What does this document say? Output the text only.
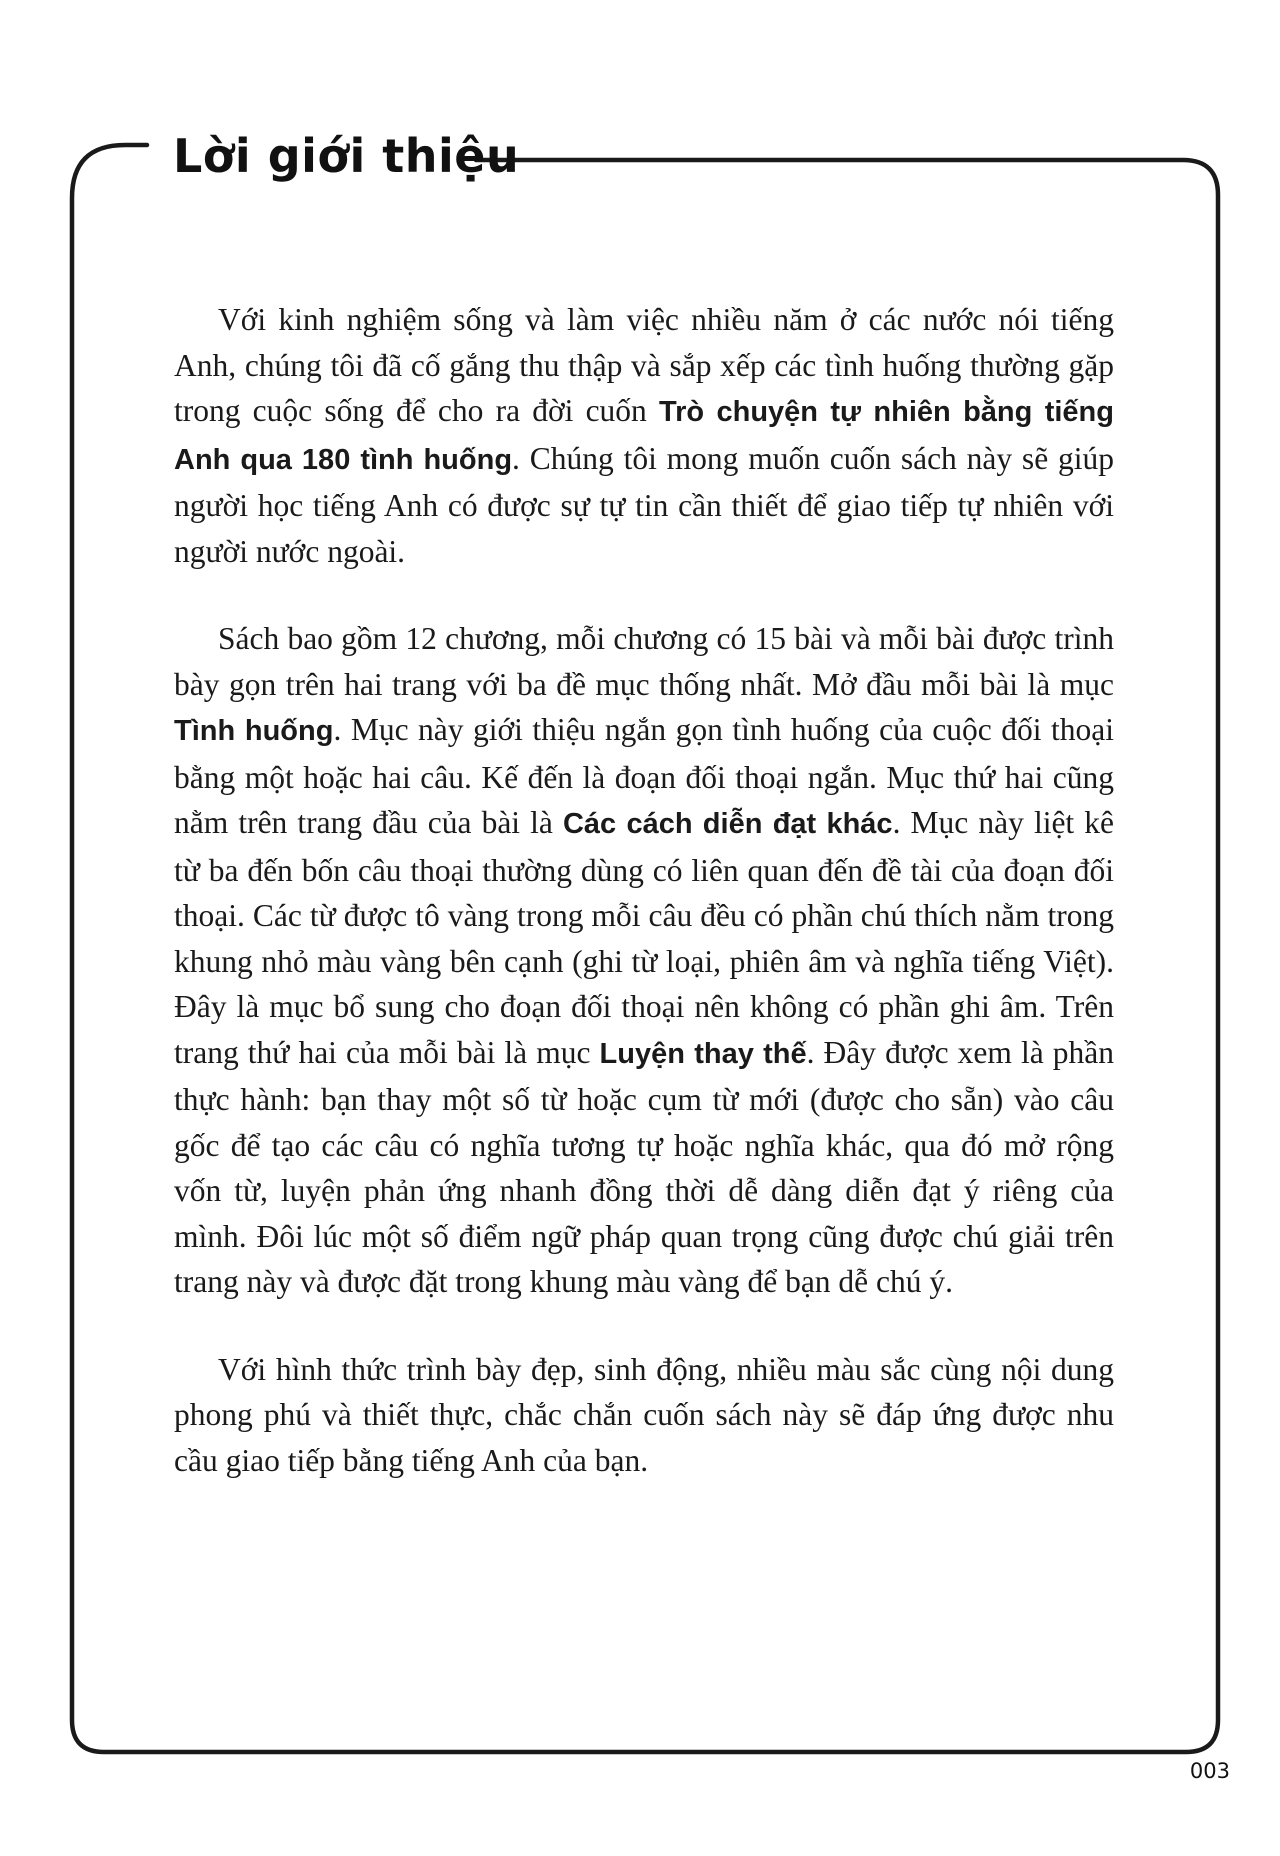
Lời giới thiệu

Với kinh nghiệm sống và làm việc nhiều năm ở các nước nói tiếng Anh, chúng tôi đã cố gắng thu thập và sắp xếp các tình huống thường gặp trong cuộc sống để cho ra đời cuốn Trò chuyện tự nhiên bằng tiếng Anh qua 180 tình huống. Chúng tôi mong muốn cuốn sách này sẽ giúp người học tiếng Anh có được sự tự tin cần thiết để giao tiếp tự nhiên với người nước ngoài.

Sách bao gồm 12 chương, mỗi chương có 15 bài và mỗi bài được trình bày gọn trên hai trang với ba đề mục thống nhất. Mở đầu mỗi bài là mục Tình huống. Mục này giới thiệu ngắn gọn tình huống của cuộc đối thoại bằng một hoặc hai câu. Kế đến là đoạn đối thoại ngắn. Mục thứ hai cũng nằm trên trang đầu của bài là Các cách diễn đạt khác. Mục này liệt kê từ ba đến bốn câu thoại thường dùng có liên quan đến đề tài của đoạn đối thoại. Các từ được tô vàng trong mỗi câu đều có phần chú thích nằm trong khung nhỏ màu vàng bên cạnh (ghi từ loại, phiên âm và nghĩa tiếng Việt). Đây là mục bổ sung cho đoạn đối thoại nên không có phần ghi âm. Trên trang thứ hai của mỗi bài là mục Luyện thay thế. Đây được xem là phần thực hành: bạn thay một số từ hoặc cụm từ mới (được cho sẵn) vào câu gốc để tạo các câu có nghĩa tương tự hoặc nghĩa khác, qua đó mở rộng vốn từ, luyện phản ứng nhanh đồng thời dễ dàng diễn đạt ý riêng của mình. Đôi lúc một số điểm ngữ pháp quan trọng cũng được chú giải trên trang này và được đặt trong khung màu vàng để bạn dễ chú ý.

Với hình thức trình bày đẹp, sinh động, nhiều màu sắc cùng nội dung phong phú và thiết thực, chắc chắn cuốn sách này sẽ đáp ứng được nhu cầu giao tiếp bằng tiếng Anh của bạn.

003
